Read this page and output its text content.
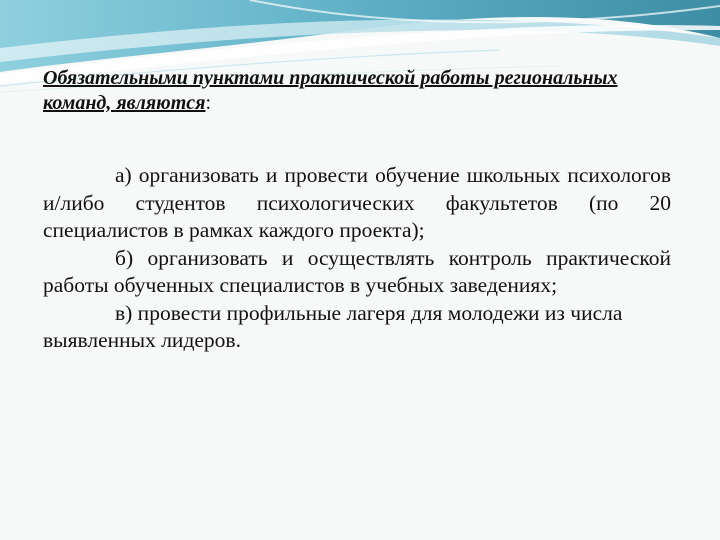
Обязательными пунктами практической работы региональных команд, являются:

а) организовать и провести обучение школьных психологов и/либо студентов психологических факультетов (по 20 специалистов в рамках каждого проекта);

б) организовать и осуществлять контроль практической работы обученных специалистов в учебных заведениях;

в) провести профильные лагеря для молодежи из числа выявленных лидеров.
